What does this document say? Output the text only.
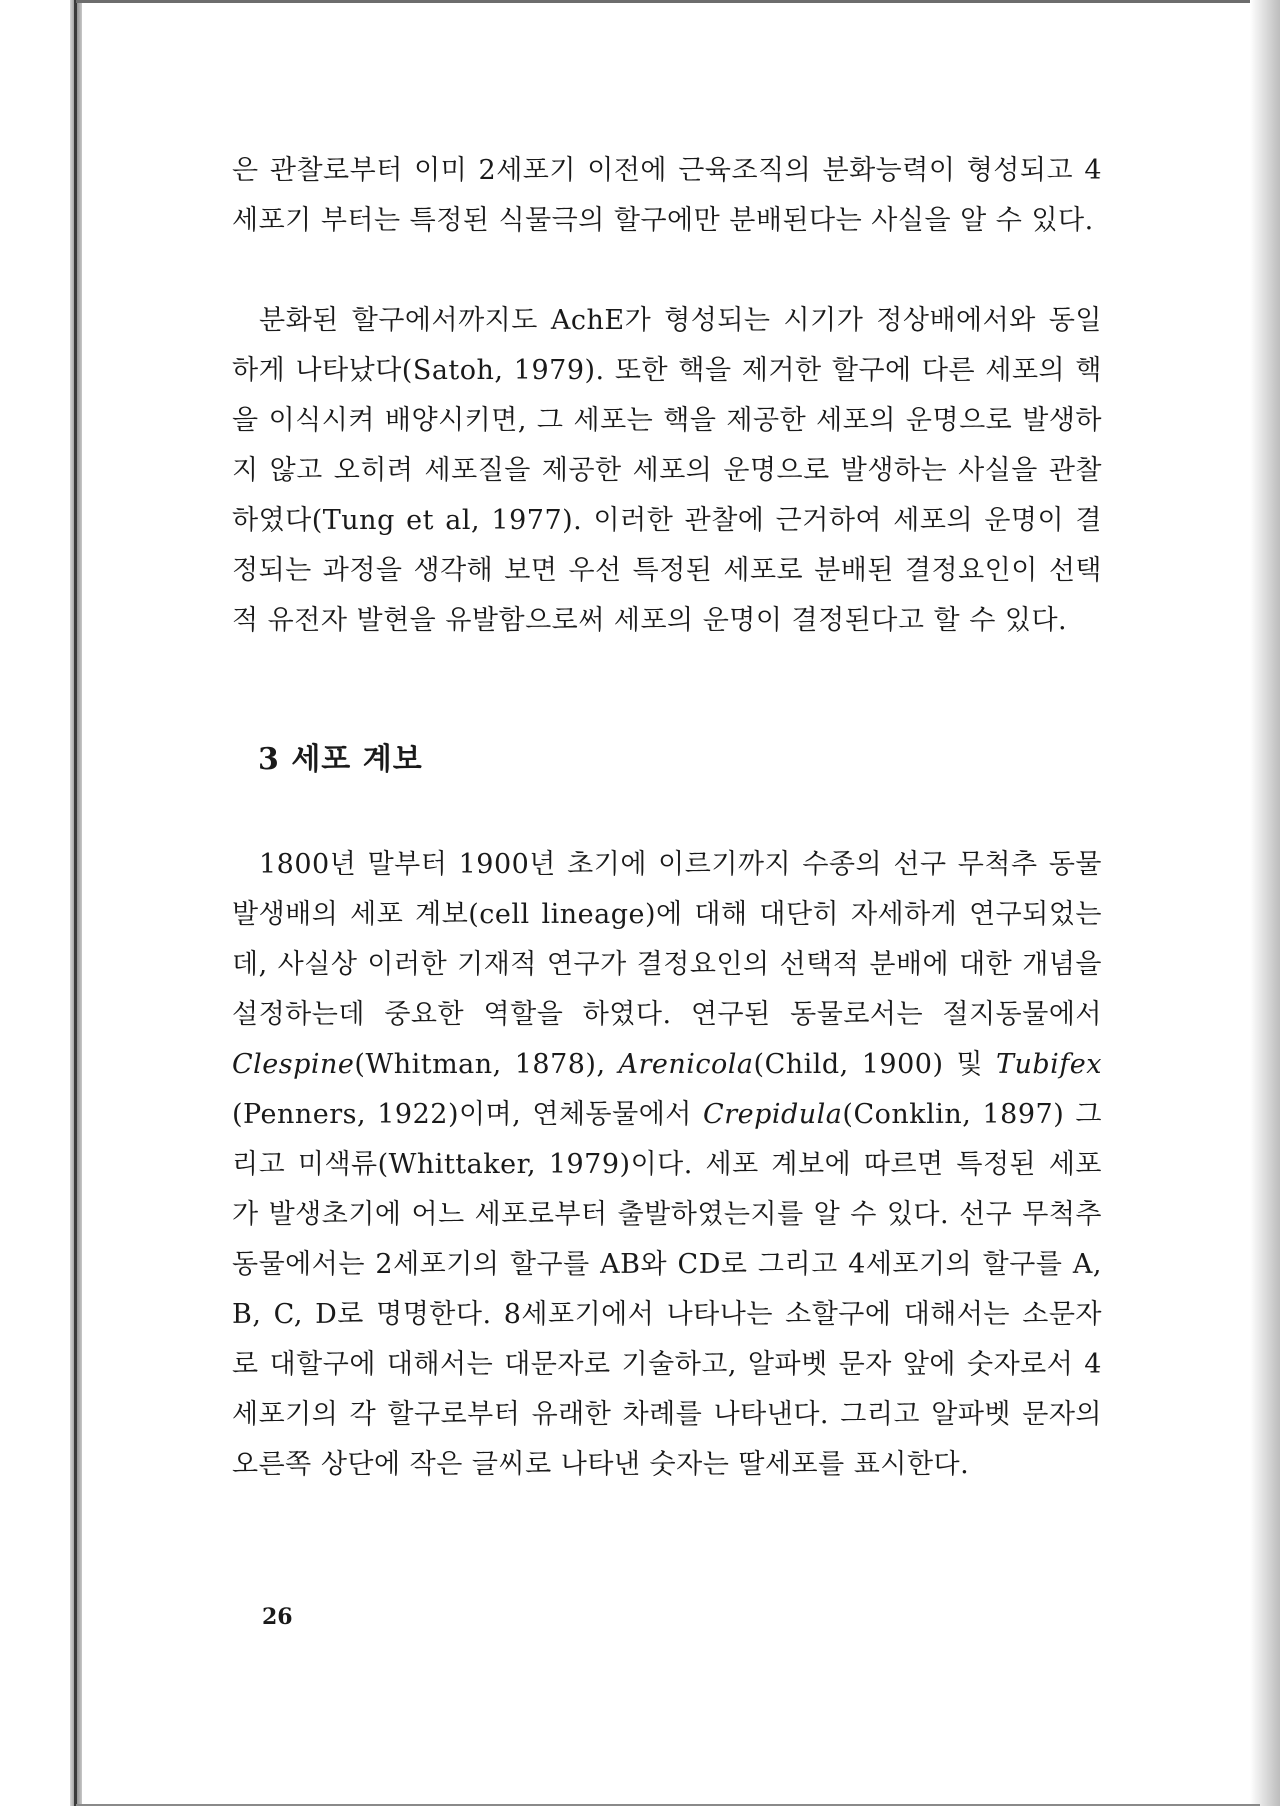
은 관찰로부터 이미 2세포기 이전에 근육조직의 분화능력이 형성되고 4세포기 부터는 특정된 식물극의 할구에만 분배된다는 사실을 알 수 있다.

분화된 할구에서까지도 AchE가 형성되는 시기가 정상배에서와 동일하게 나타났다(Satoh, 1979). 또한 핵을 제거한 할구에 다른 세포의 핵을 이식시켜 배양시키면, 그 세포는 핵을 제공한 세포의 운명으로 발생하지 않고 오히려 세포질을 제공한 세포의 운명으로 발생하는 사실을 관찰하였다(Tung et al, 1977). 이러한 관찰에 근거하여 세포의 운명이 결정되는 과정을 생각해 보면 우선 특정된 세포로 분배된 결정요인이 선택적 유전자 발현을 유발함으로써 세포의 운명이 결정된다고 할 수 있다.

3 세포 계보

1800년 말부터 1900년 초기에 이르기까지 수종의 선구 무척추 동물 발생배의 세포 계보(cell lineage)에 대해 대단히 자세하게 연구되었는데, 사실상 이러한 기재적 연구가 결정요인의 선택적 분배에 대한 개념을 설정하는데 중요한 역할을 하였다. 연구된 동물로서는 절지동물에서 Clespine(Whitman, 1878), Arenicola(Child, 1900) 및 Tubifex (Penners, 1922)이며, 연체동물에서 Crepidula(Conklin, 1897) 그리고 미색류(Whittaker, 1979)이다. 세포 계보에 따르면 특정된 세포가 발생초기에 어느 세포로부터 출발하였는지를 알 수 있다. 선구 무척추 동물에서는 2세포기의 할구를 AB와 CD로 그리고 4세포기의 할구를 A, B, C, D로 명명한다. 8세포기에서 나타나는 소할구에 대해서는 소문자로 대할구에 대해서는 대문자로 기술하고, 알파벳 문자 앞에 숫자로서 4세포기의 각 할구로부터 유래한 차례를 나타낸다. 그리고 알파벳 문자의 오른쪽 상단에 작은 글씨로 나타낸 숫자는 딸세포를 표시한다.

26
